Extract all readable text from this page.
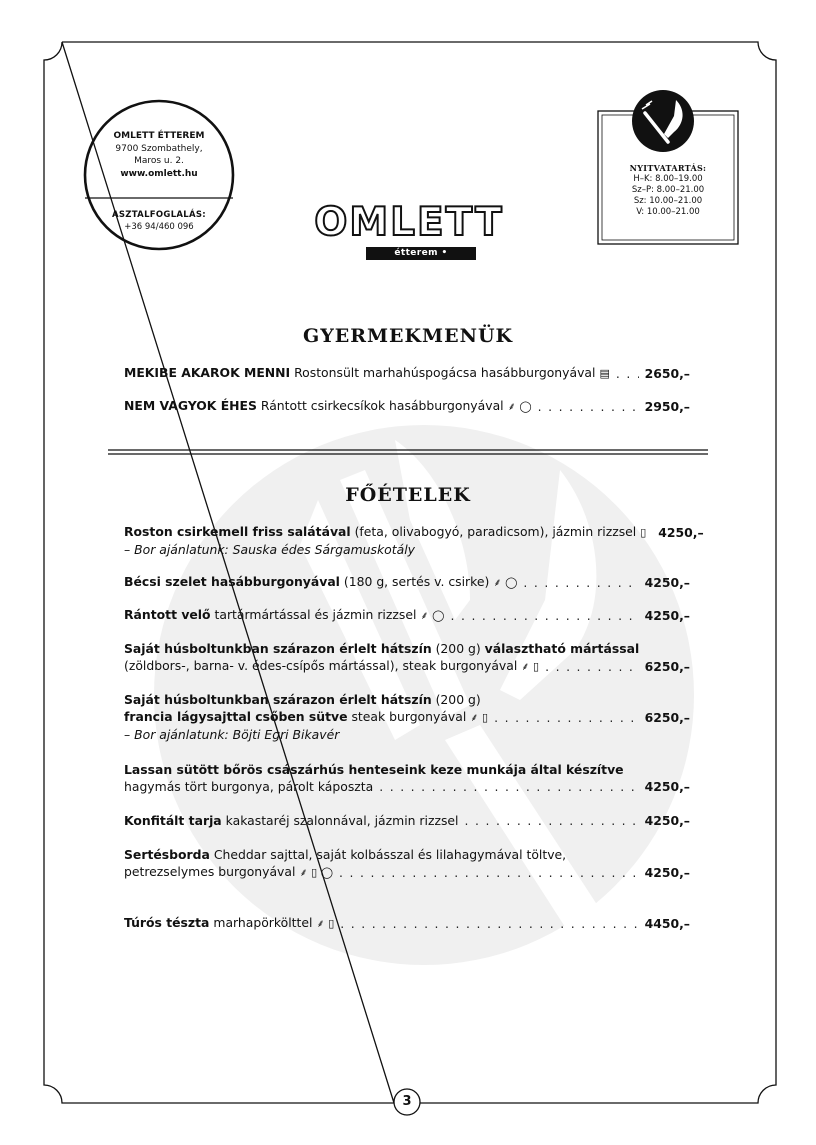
OMLETT ÉTTEREM
9700 Szombathely,
Maros u. 2.
www.omlett.hu
ASZTALFOGLALÁS:
+36 94/460 096
NYITVATARTÁS:
H–K: 8.00–19.00
Sz–P: 8.00–21.00
Sz: 10.00–21.00
V: 10.00–21.00
OMLETT
étterem • restaurant
GYERMEKMENÜK
MEKIBE AKAROK MENNI Rostonsült marhahúspogácsa hasábburgonyával ▤ . . .	2650,–
NEM VAGYOK ÉHES Rántott csirkecsíkok hasábburgonyával ⸙ ◯ . . .	2950,–
FŐÉTELEK
Roston csirkemell friss salátával (feta, olivabogyó, paradicsom), jázmin rizzsel ▯ 4250,–
– Bor ajánlatunk: Sauska édes Sárgamuskotály
Bécsi szelet hasábburgonyával (180 g, sertés v. csirke) ⸙ ◯ . . .	4250,–
Rántott velő tartármártással és jázmin rizzsel ⸙ ◯ . . .	4250,–
Saját húsboltunkban szárazon érlelt hátszín (200 g) választható mártással
(zöldbors-, barna- v. édes-csípős mártással), steak burgonyával ⸙ ▯ . . .	6250,–
Saját húsboltunkban szárazon érlelt hátszín (200 g)
francia lágysajttal csőben sütve steak burgonyával ⸙ ▯ . . .	6250,–
– Bor ajánlatunk: Böjti Egri Bikavér
Lassan sütött bőrös császárhús henteseink keze munkája által készítve
hagymás tört burgonya, párolt káposzta . . .	4250,–
Konfitált tarja kakastaréj szalonnával, jázmin rizzsel . . .	4250,–
Sertésborda Cheddar sajttal, saját kolbásszal és lilahagymával töltve,
petrezselymes burgonyával ⸙ ▯ ◯ . . .	4250,–
Túrós tészta marhapörkölttel ⸙ ▯ . . .	4450,–
3
